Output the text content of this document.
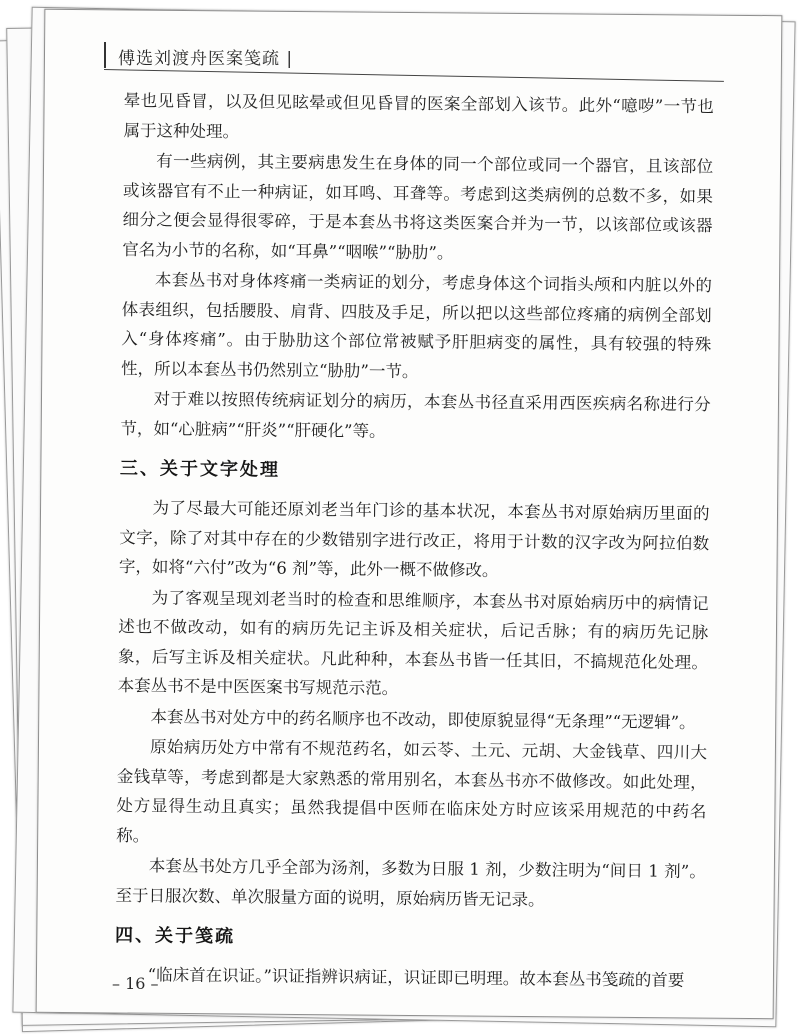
傅选刘渡舟医案笺疏 |

晕也见昏冒，以及但见眩晕或但见昏冒的医案全部划入该节。此外“噫哕”一节也属于这种处理。

有一些病例，其主要病患发生在身体的同一个部位或同一个器官，且该部位或该器官有不止一种病证，如耳鸣、耳聋等。考虑到这类病例的总数不多，如果细分之便会显得很零碎，于是本套丛书将这类医案合并为一节，以该部位或该器官名为小节的名称，如“耳鼻”“咽喉”“胁肋”。

本套丛书对身体疼痛一类病证的划分，考虑身体这个词指头颅和内脏以外的体表组织，包括腰股、肩背、四肢及手足，所以把以这些部位疼痛的病例全部划入“身体疼痛”。由于胁肋这个部位常被赋予肝胆病变的属性，具有较强的特殊性，所以本套丛书仍然别立“胁肋”一节。

对于难以按照传统病证划分的病历，本套丛书径直采用西医疾病名称进行分节，如“心脏病”“肝炎”“肝硬化”等。

三、关于文字处理

为了尽最大可能还原刘老当年门诊的基本状况，本套丛书对原始病历里面的文字，除了对其中存在的少数错别字进行改正，将用于计数的汉字改为阿拉伯数字，如将“六付”改为“6 剂”等，此外一概不做修改。

为了客观呈现刘老当时的检查和思维顺序，本套丛书对原始病历中的病情记述也不做改动，如有的病历先记主诉及相关症状，后记舌脉；有的病历先记脉象，后写主诉及相关症状。凡此种种，本套丛书皆一任其旧，不搞规范化处理。本套丛书不是中医医案书写规范示范。

本套丛书对处方中的药名顺序也不改动，即使原貌显得“无条理”“无逻辑”。

原始病历处方中常有不规范药名，如云苓、土元、元胡、大金钱草、四川大金钱草等，考虑到都是大家熟悉的常用别名，本套丛书亦不做修改。如此处理，处方显得生动且真实；虽然我提倡中医师在临床处方时应该采用规范的中药名称。

本套丛书处方几乎全部为汤剂，多数为日服 1 剂，少数注明为“间日 1 剂”。至于日服次数、单次服量方面的说明，原始病历皆无记录。

四、关于笺疏

“临床首在识证。”识证指辨识病证，识证即已明理。故本套丛书笺疏的首要

– 16 –
